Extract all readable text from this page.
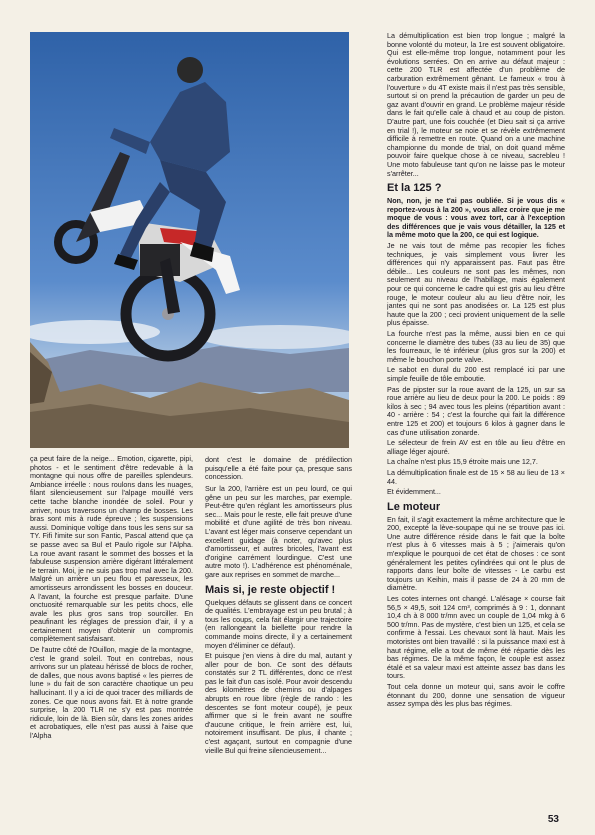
ça peut faire de la neige... Emotion, cigarette, pipi, photos - et le sentiment d'être redevable à la montagne qui nous offre de pareilles splendeurs. Ambiance irréelle : nous roulons dans les nuages, filant silencieusement sur l'alpage mouillé vers cette tache blanche inondée de soleil. Pour y arriver, nous traversons un champ de bosses. Les bras sont mis à rude épreuve ; les suspensions aussi. Dominique voltige dans tous les sens sur sa TY. Fifi l'imite sur son Fantic, Pascal attend que ça se passe avec sa Bul et Paulo rigole sur l'Alpha. La roue avant rasant le sommet des bosses et la fabuleuse suspension arrière digérant littéralement le terrain. Moi, je ne suis pas trop mal avec la 200. Malgré un arrière un peu flou et paresseux, les amortisseurs arrondissent les bosses en douceur. A l'avant, la fourche est presque parfaite. D'une onctuosité remarquable sur les petits chocs, elle avale les plus gros sans trop sourciller. En peaufinant les réglages de pression d'air, il y a certainement moyen d'obtenir un compromis complètement satisfaisant.

De l'autre côté de l'Ouillon, magie de la montagne, c'est le grand soleil. Tout en contrebas, nous arrivons sur un plateau hérissé de blocs de rocher, de dalles, que nous avons baptisé « les pierres de lune » du fait de son caractère chaotique un peu hallucinant. Il y a ici de quoi tracer des milliards de zones. Ce que nous avons fait. Et à notre grande surprise, la 200 TLR ne s'y est pas montrée ridicule, loin de là. Bien sûr, dans les zones arides et acrobatiques, elle n'est pas aussi à l'aise que l'Alpha

dont c'est le domaine de prédilection puisqu'elle a été faite pour ça, presque sans concession.

Sur la 200, l'arrière est un peu lourd, ce qui gêne un peu sur les marches, par exemple. Peut-être qu'en réglant les amortisseurs plus sec... Mais pour le reste, elle fait preuve d'une mobilité et d'une agilité de très bon niveau. L'avant est léger mais conserve cependant un excellent guidage (à noter, qu'avec plus d'amortisseur, et autres bricoles, l'avant est d'origine carrément lourdingue. C'est une autre moto !). L'adhérence est phénoménale, gare aux reprises en sommet de marche...

Mais si, je reste objectif !

Quelques défauts se glissent dans ce concert de qualités. L'embrayage est un peu brutal ; à tous les coups, cela fait élargir une trajectoire (en rallongeant la biellette pour rendre la commande moins directe, il y a certainement moyen d'éliminer ce défaut).

Et puisque j'en viens à dire du mal, autant y aller pour de bon. Ce sont des défauts constatés sur 2 TL différentes, donc ce n'est pas le fait d'un cas isolé. Pour avoir descendu des kilomètres de chemins ou d'alpages abrupts en roue libre (règle de rando : les descentes se font moteur coupé), je peux affirmer que si le frein avant ne souffre d'aucune critique, le frein arrière est, lui, notoirement insuffisant. De plus, il chante ; c'est agaçant, surtout en compagnie d'une vieille Bul qui freine silencieusement...

La démultiplication est bien trop longue ; malgré la bonne volonté du moteur, la 1re est souvent obligatoire. Qui est elle-même trop longue, notamment pour les évolutions serrées. On en arrive au défaut majeur : cette 200 TLR est affectée d'un problème de carburation extrêmement gênant. Le fameux « trou à l'ouverture » du 4T existe mais il n'est pas très sensible, surtout si on prend la précaution de garder un peu de gaz avant d'ouvrir en grand. Le problème majeur réside dans le fait qu'elle cale à chaud et au coup de piston. D'autre part, une fois couchée (et Dieu sait si ça arrive en trial !), le moteur se noie et se révèle extrêmement difficile à remettre en route. Quand on a une machine championne du monde de trial, on doit quand même pouvoir faire quelque chose à ce niveau, sacrebleu ! Une moto fabuleuse tant qu'on ne laisse pas le moteur s'arrêter...

Et la 125 ?

Non, non, je ne t'ai pas oubliée. Si je vous dis « reportez-vous à la 200 », vous allez croire que je me moque de vous : vous avez tort, car à l'exception des différences que je vais vous détailler, la 125 et la même moto que la 200, ce qui est logique.

Je ne vais tout de même pas recopier les fiches techniques, je vais simplement vous livrer les différences qui n'y apparaissent pas. Faut pas être débile... Les couleurs ne sont pas les mêmes, non seulement au niveau de l'habillage, mais également pour ce qui concerne le cadre qui est gris au lieu d'être rouge, le moteur couleur alu au lieu d'être noir, les jantes qui ne sont pas anodisées or. La 125 est plus haute que la 200 ; ceci provient uniquement de la selle plus épaisse.

La fourche n'est pas la même, aussi bien en ce qui concerne le diamètre des tubes (33 au lieu de 35) que les fourreaux, le té inférieur (plus gros sur la 200) et même le bouchon porte valve.

Le sabot en dural du 200 est remplacé ici par une simple feuille de tôle emboutie.

Pas de pipster sur la roue avant de la 125, un sur sa roue arrière au lieu de deux pour la 200. Le poids : 89 kilos à sec ; 94 avec tous les pleins (répartition avant : 40 - arrière : 54 ; c'est la fourche qui fait la différence entre 125 et 200) et toujours 6 kilos à gagner dans le cas d'une utilisation zonarde.

Le sélecteur de frein AV est en tôle au lieu d'être en alliage léger ajouré.

La chaîne n'est plus 15,9 étroite mais une 12,7.

La démultiplication finale est de 15 × 58 au lieu de 13 × 44.

Et évidemment...

Le moteur

En fait, il s'agit exactement la même architecture que le 200, excepté la lève-soupape qui ne se trouve pas ici. Une autre différence réside dans le fait que la boîte n'est plus à 6 vitesses mais à 5 ; j'aimerais qu'on m'explique le pourquoi de cet état de choses : ce sont généralement les petites cylindrées qui ont le plus de rapports dans leur boîte de vitesses - Le carbu est toujours un Keihin, mais il passe de 24 à 20 mm de diamètre.

Les cotes internes ont changé. L'alésage × course fait 56,5 × 49,5, soit 124 cm³, comprimés à 9 : 1, donnant 10,4 ch à 8 000 tr/mn avec un couple de 1,04 mkg à 6 500 tr/mn. Pas de mystère, c'est bien un 125, et cela se confirme à l'essai. Les chevaux sont là haut. Mais les motoristes ont bien travaillé : si la puissance maxi est à haut régime, elle a tout de même été répartie dès les bas régimes. De la même façon, le couple est assez étalé et sa valeur maxi est atteinte assez bas dans les tours.

Tout cela donne un moteur qui, sans avoir le coffre étonnant du 200, donne une sensation de vigueur assez sympa dès les plus bas régimes.

53
